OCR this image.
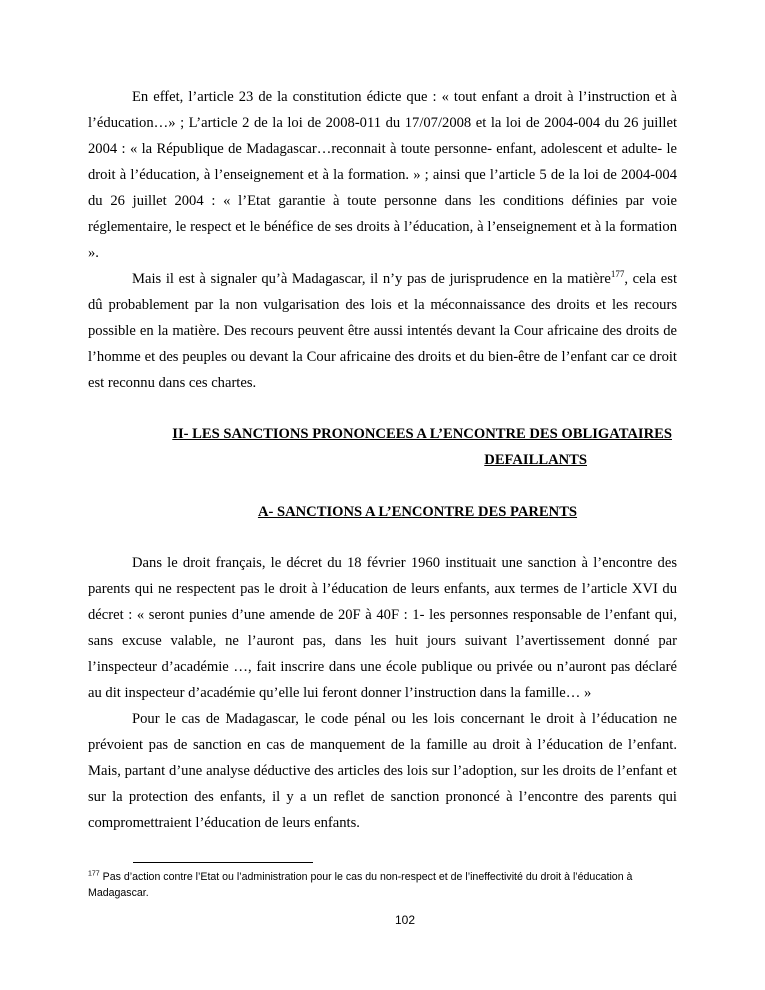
En effet, l’article 23 de la constitution édicte que : « tout enfant a droit à l’instruction et à l’éducation…» ; L’article 2 de la loi de 2008-011 du 17/07/2008 et la loi de 2004-004 du 26 juillet 2004 : « la République de Madagascar…reconnait à toute personne- enfant, adolescent et adulte- le droit à l’éducation, à l’enseignement et à la formation. » ; ainsi que l’article 5 de la loi de 2004-004 du 26 juillet 2004 : « l’Etat garantie à toute personne dans les conditions définies par voie réglementaire, le respect et le bénéfice de ses droits à l’éducation, à l’enseignement et à la formation ».

Mais il est à signaler qu’à Madagascar, il n’y pas de jurisprudence en la matière$^{177}$, cela est dû probablement par la non vulgarisation des lois et la méconnaissance des droits et les recours possible en la matière. Des recours peuvent être aussi intentés devant la Cour africaine des droits de l’homme et des peuples ou devant la Cour africaine des droits et du bien-être de l’enfant car ce droit est reconnu dans ces chartes.

II- LES SANCTIONS PRONONCEES A L’ENCONTRE DES OBLIGATAIRES
DEFAILLANTS

A- SANCTIONS A L’ENCONTRE DES PARENTS

Dans le droit français, le décret du 18 février 1960 instituait une sanction à l’encontre des parents qui ne respectent pas le droit à l’éducation de leurs enfants, aux termes de l’article XVI du décret : « seront punies d’une amende de 20F à 40F : 1- les personnes responsable de l’enfant qui, sans excuse valable, ne l’auront pas, dans les huit jours suivant l’avertissement donné par l’inspecteur d’académie …, fait inscrire dans une école publique ou privée ou n’auront pas déclaré au dit inspecteur d’académie qu’elle lui feront donner l’instruction dans la famille… »

Pour le cas de Madagascar, le code pénal ou les lois concernant le droit à l’éducation ne prévoient pas de sanction en cas de manquement de la famille au droit à l’éducation de l’enfant. Mais, partant d’une analyse déductive des articles des lois sur l’adoption, sur les droits de l’enfant et sur la protection des enfants, il y a un reflet de sanction prononcé à l’encontre des parents qui compromettraient l’éducation de leurs enfants.

$^{177}$ Pas d’action contre l’Etat ou l’administration pour le cas du non-respect et de l’ineffectivité du droit à l’éducation à Madagascar.

102
